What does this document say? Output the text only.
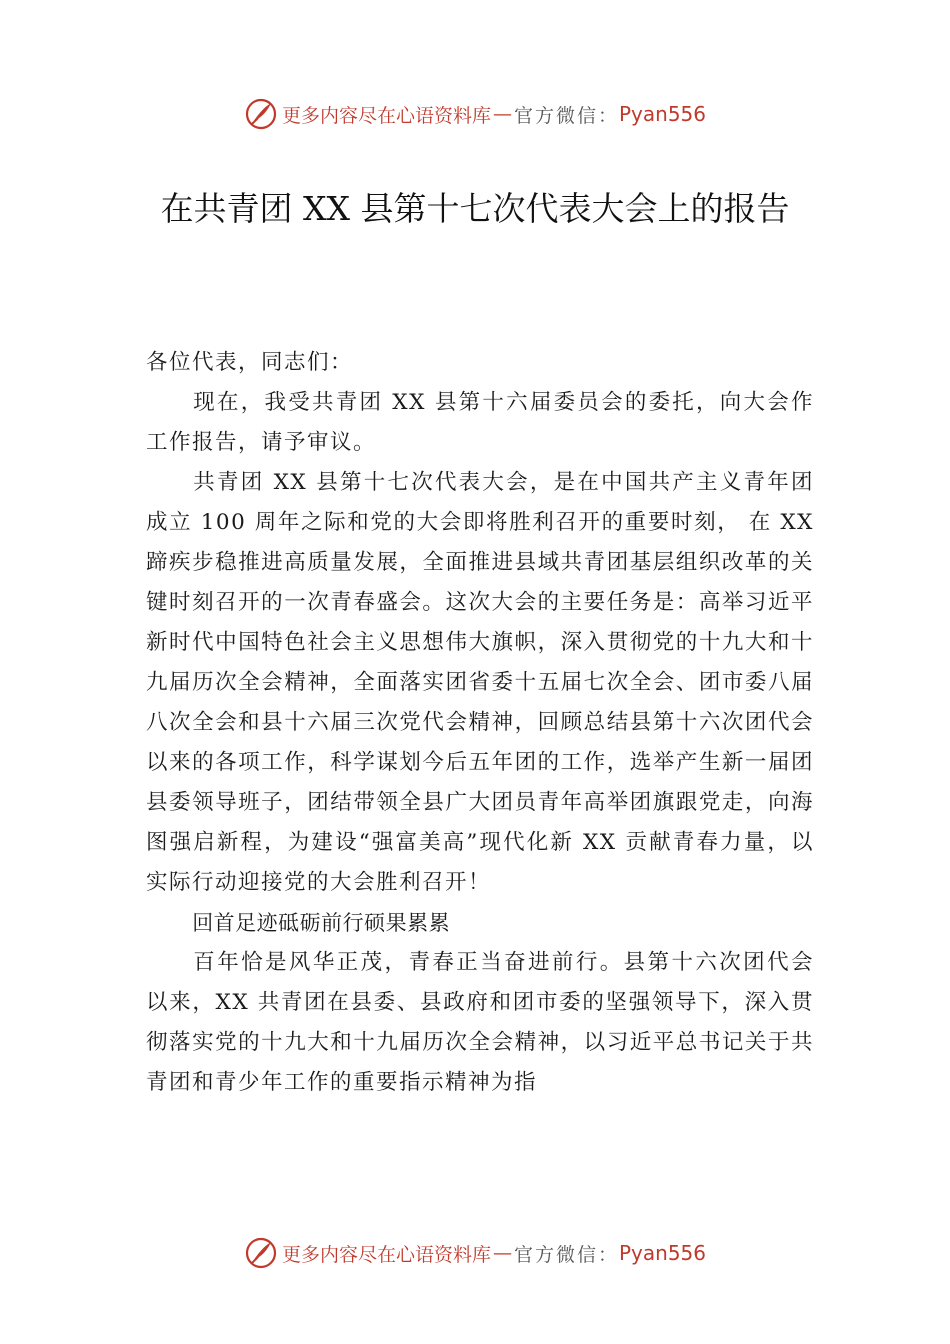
更多内容尽在心语资料库 — 官方微信： Pyan556
在共青团 XX 县第十七次代表大会上的报告

各位代表，同志们：

现在，我受共青团 XX 县第十六届委员会的委托，向大会作工作报告，请予审议。

共青团 XX 县第十七次代表大会，是在中国共产主义青年团成立 100 周年之际和党的大会即将胜利召开的重要时刻， 在 XX 蹄疾步稳推进高质量发展，全面推进县域共青团基层组织改革的关键时刻召开的一次青春盛会。这次大会的主要任务是：高举习近平新时代中国特色社会主义思想伟大旗帜，深入贯彻党的十九大和十九届历次全会精神，全面落实团省委十五届七次全会、团市委八届八次全会和县十六届三次党代会精神，回顾总结县第十六次团代会以来的各项工作，科学谋划今后五年团的工作，选举产生新一届团县委领导班子，团结带领全县广大团员青年高举团旗跟党走，向海图强启新程，为建设“强富美高”现代化新 XX 贡献青春力量，以实际行动迎接党的大会胜利召开！

回首足迹砥砺前行硕果累累

百年恰是风华正茂，青春正当奋进前行。县第十六次团代会以来，XX 共青团在县委、县政府和团市委的坚强领导下，深入贯彻落实党的十九大和十九届历次全会精神，以习近平总书记关于共青团和青少年工作的重要指示精神为指

更多内容尽在心语资料库 — 官方微信： Pyan556
